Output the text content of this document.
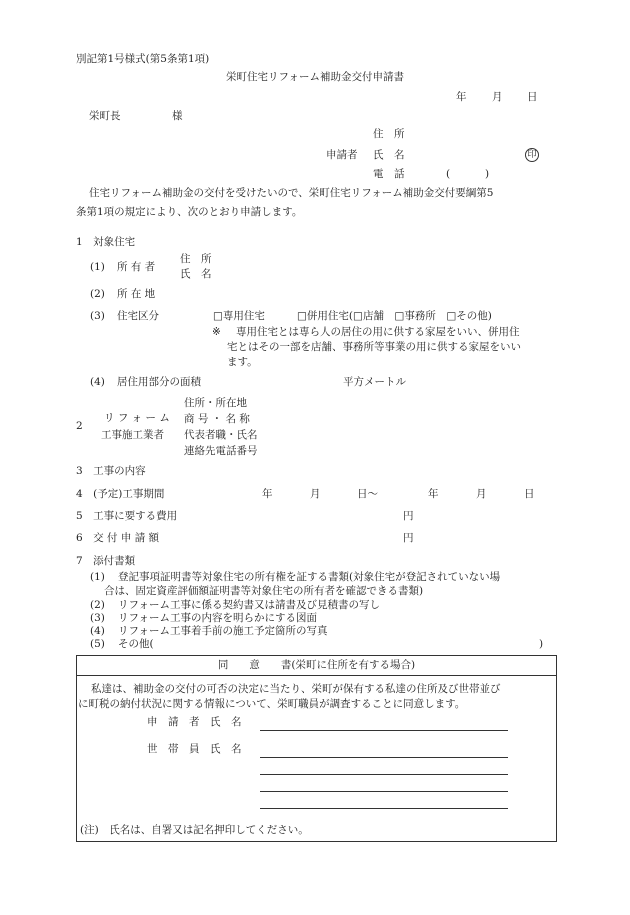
別記第1号様式(第5条第1項)
栄町住宅リフォーム補助金交付申請書
年 月 日
栄町長	様
住　所
申請者 氏　名	印
電　話	(	)
住宅リフォーム補助金の交付を受けたいので、栄町住宅リフォーム補助金交付要綱第5
条第1項の規定により、次のとおり申請します。
1　対象住宅
(1) 所 有 者
住　所
氏　名
(2) 所 在 地
(3) 住宅区分	□専用住宅	□併用住宅(□店舗　□事務所　□その他)
※ 専用住宅とは専ら人の居住の用に供する家屋をいい、併用住
宅とはその一部を店舗、事務所等事業の用に供する家屋をいい
ます。
(4) 居住用部分の面積	平方メートル
2
リ フ ォ ー ム
工事施工業者
住所・所在地
商 号 ・ 名 称
代表者職・氏名
連絡先電話番号
3　工事の内容
4　(予定)工事期間	年	月	日〜	年	月	日
5　工事に要する費用	円
6　交 付 申 請 額	円
7　添付書類
(1) 登記事項証明書等対象住宅の所有権を証する書類(対象住宅が登記されていない場
合は、固定資産評価額証明書等対象住宅の所有者を確認できる書類)
(2) リフォーム工事に係る契約書又は請書及び見積書の写し
(3) リフォーム工事の内容を明らかにする図面
(4) リフォーム工事着手前の施工予定箇所の写真
(5) その他(	)
同　　意　　書(栄町に住所を有する場合)
私達は、補助金の交付の可否の決定に当たり、栄町が保有する私達の住所及び世帯並び
に町税の納付状況に関する情報について、栄町職員が調査することに同意します。
申　請　者　氏　名
世　帯　員　氏　名
(注)　氏名は、自署又は記名押印してください。
